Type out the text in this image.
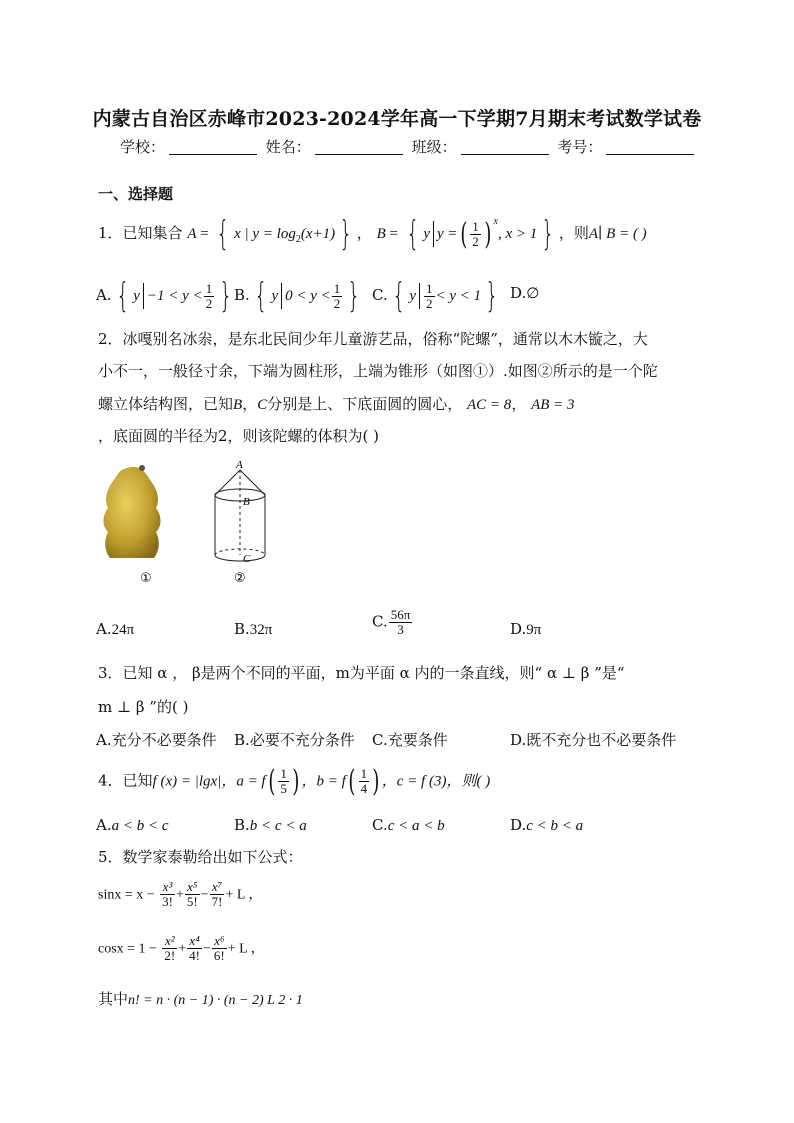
内蒙古自治区赤峰市2023-2024学年高一下学期7月期末考试数学试卷
学校：	姓名：	班级：	考号：
一、选择题
1．已知集合 A = { x | $y = \log_2(x+1)$ } ， B = { y y =( $\frac{1}{2}$ ) $^x$, x > 1 } ，则A∣ B = ( )
A. { $y -1 < y < \frac{1}{2}$ } B. { y $0 < y < \frac{1}{2}$ } C. { y $\frac{1}{2} < y < 1$ } D.∅
2．冰嘎别名冰尜，是东北民间少年儿童游艺品，俗称“陀螺”，通常以木木镟之，大
小不一，一般径寸余，下端为圆柱形，上端为锥形（如图①）.如图②所示的是一个陀
螺立体结构图，已知B，C分别是上、下底面圆的圆心， AC = 8， AB = 3
，底面圆的半径为2，则该陀螺的体积为( )
A
B
C
①	②
A.24π	B.32π	C. $\frac{56\pi}{3}$	D.9π
3．已知 α ， β是两个不同的平面，m为平面 α 内的一条直线，则“ α ⊥ β ”是“
m ⊥ β ”的( )
A.充分不必要条件 B.必要不充分条件 C.充要条件	D.既不充分也不必要条件
4．已知f (x) = |lgx|，$a = f( \frac{1}{5}$ ) ，$b = f( \frac{1}{4}$ ) ，c = f (3)，则( )
A.a < b < c	B.b < c < a	C.c < a < b	D.c < b < a
5．数学家泰勒给出如下公式：
$\sin x = x - \frac{\text{x³}}{3!} + \frac{\text{x⁵}}{5!} - \frac{\text{x⁷}}{7!} + L$ ，
$\cos x = 1 - \frac{\text{x²}}{2!} + \frac{\text{x⁴}}{4!} - \frac{\text{x⁶}}{6!} + L$ ，
其中n! = n · (n − 1) · (n − 2) L 2 · 1
